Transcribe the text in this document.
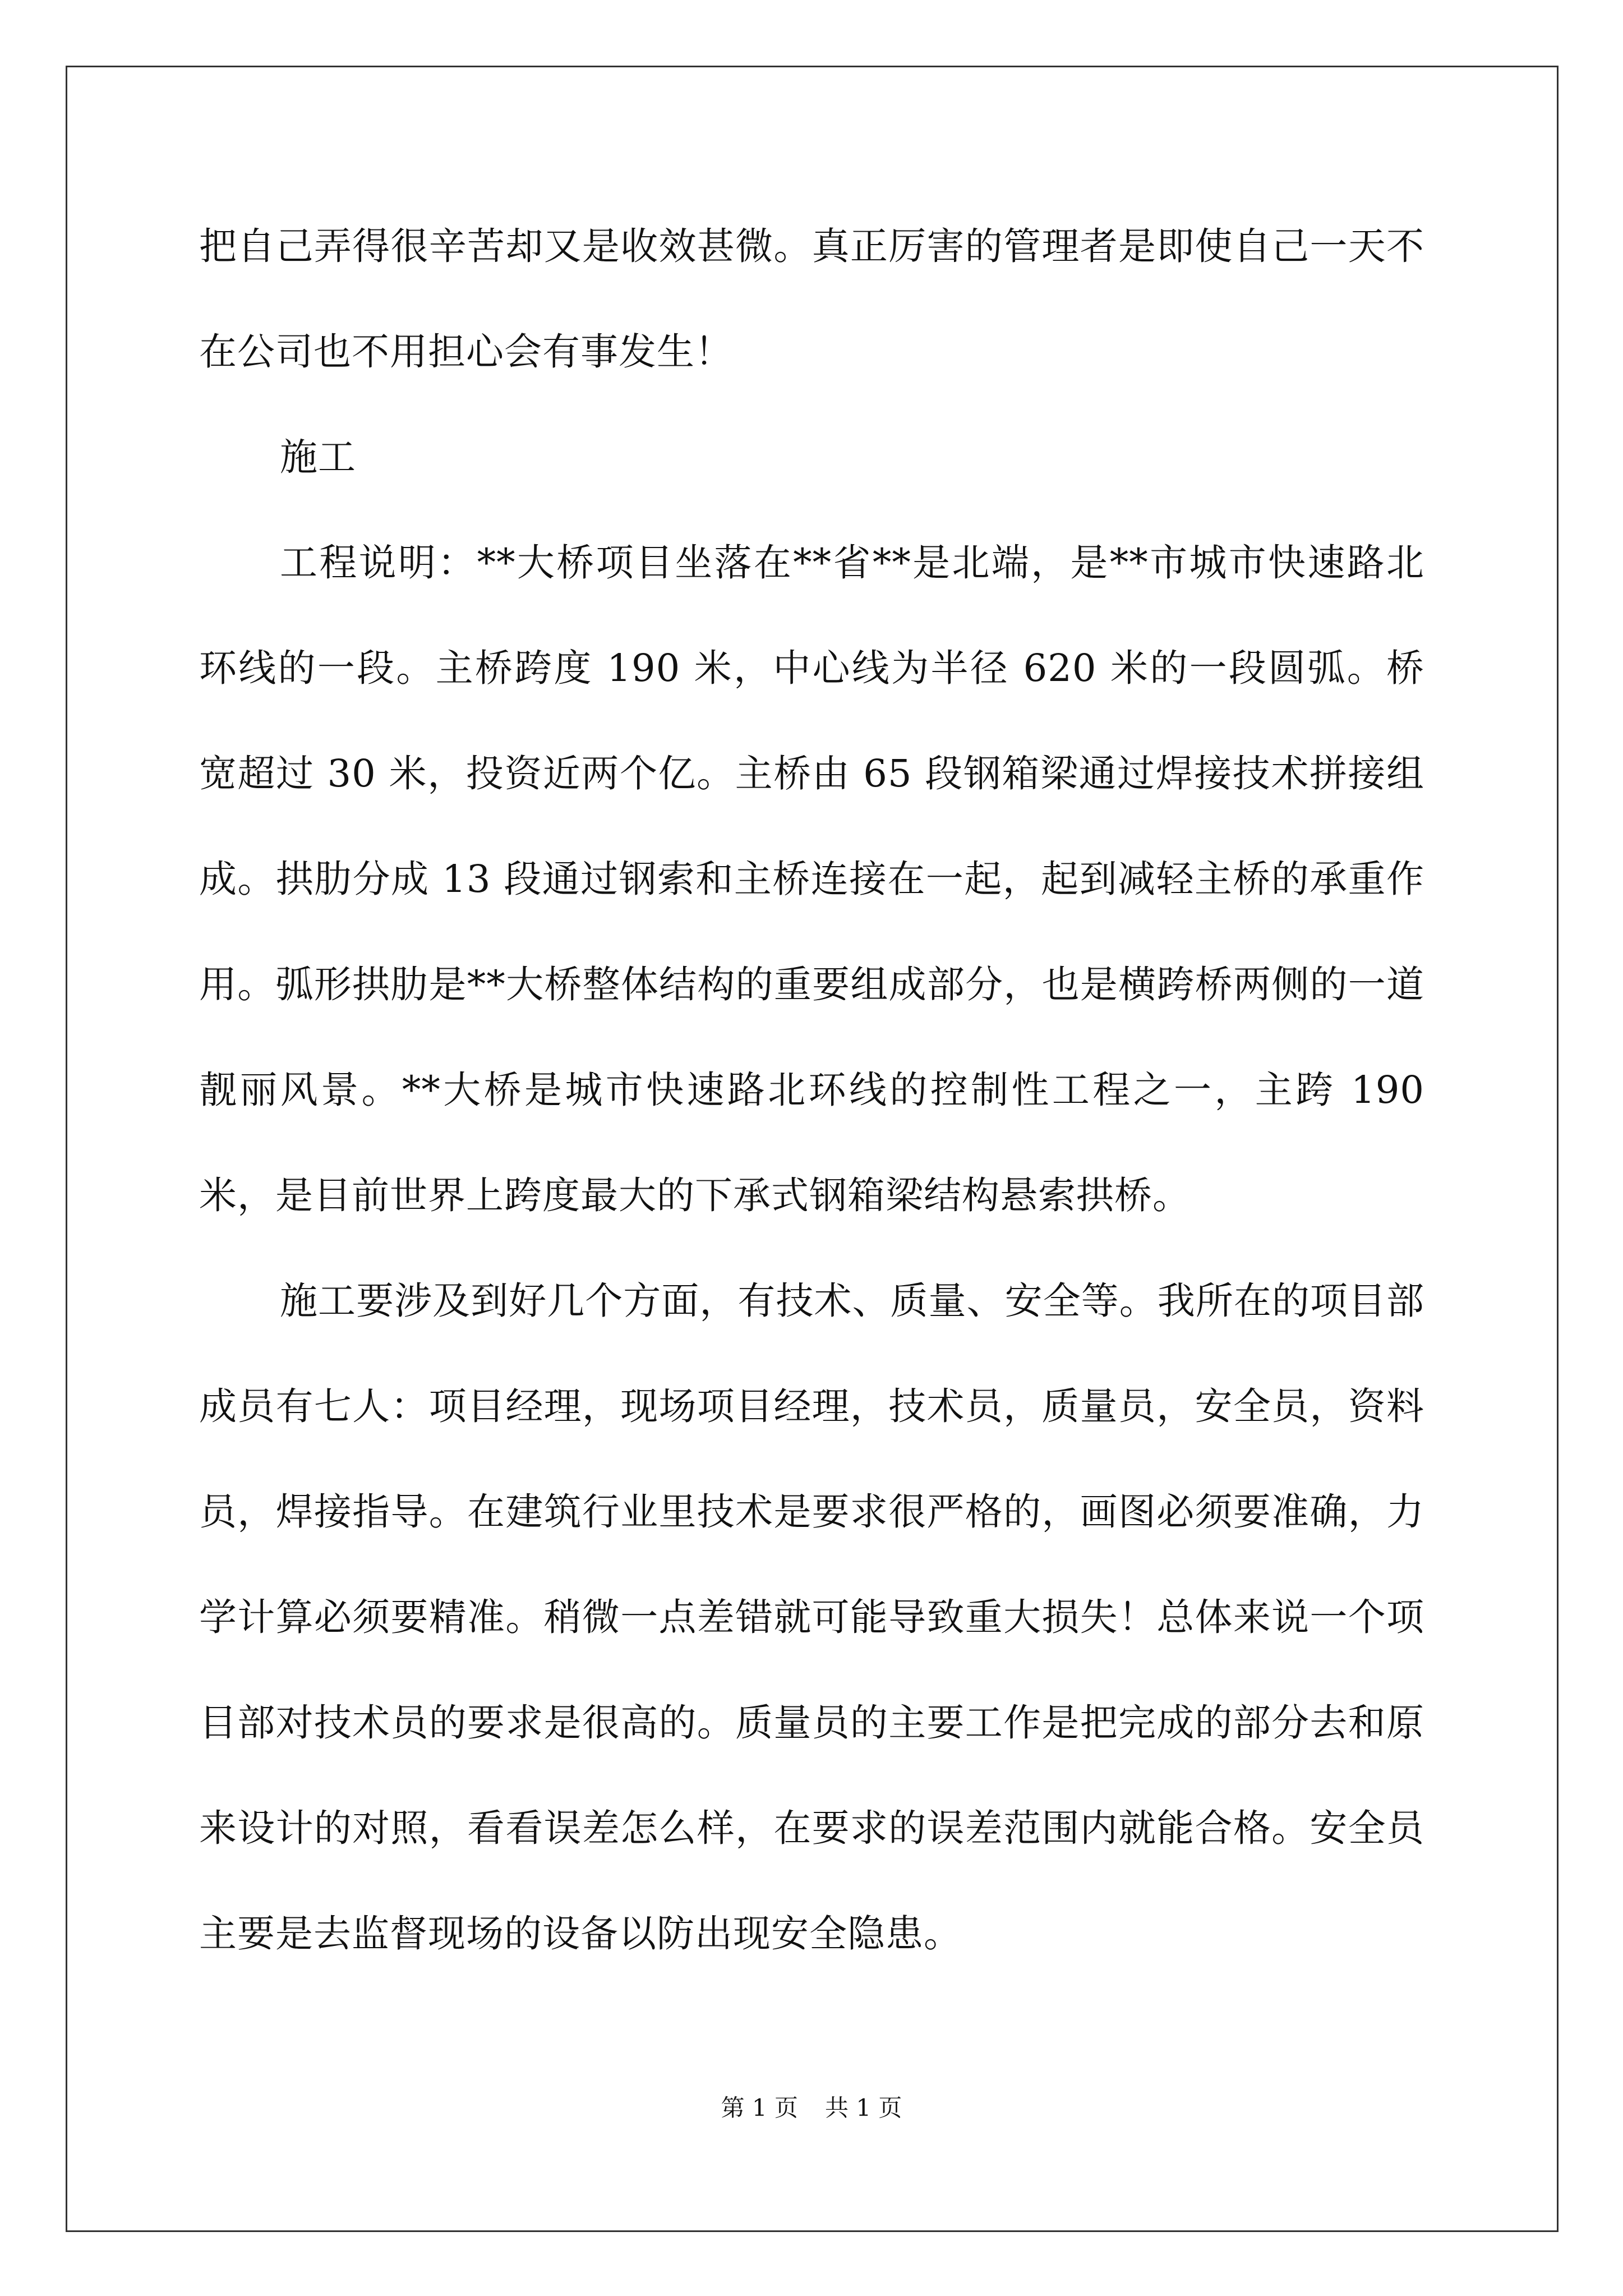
把自己弄得很辛苦却又是收效甚微。真正厉害的管理者是即使自己一天不在公司也不用担心会有事发生！

施工

工程说明：**大桥项目坐落在**省**是北端，是**市城市快速路北环线的一段。主桥跨度 190 米，中心线为半径 620 米的一段圆弧。桥宽超过 30 米，投资近两个亿。主桥由 65 段钢箱梁通过焊接技术拼接组成。拱肋分成 13 段通过钢索和主桥连接在一起，起到减轻主桥的承重作用。弧形拱肋是**大桥整体结构的重要组成部分，也是横跨桥两侧的一道靓丽风景。**大桥是城市快速路北环线的控制性工程之一，主跨 190 米，是目前世界上跨度最大的下承式钢箱梁结构悬索拱桥。

施工要涉及到好几个方面，有技术、质量、安全等。我所在的项目部成员有七人：项目经理，现场项目经理，技术员，质量员，安全员，资料员，焊接指导。在建筑行业里技术是要求很严格的，画图必须要准确，力学计算必须要精准。稍微一点差错就可能导致重大损失！总体来说一个项目部对技术员的要求是很高的。质量员的主要工作是把完成的部分去和原来设计的对照，看看误差怎么样，在要求的误差范围内就能合格。安全员主要是去监督现场的设备以防出现安全隐患。

第 1 页 共 1 页
